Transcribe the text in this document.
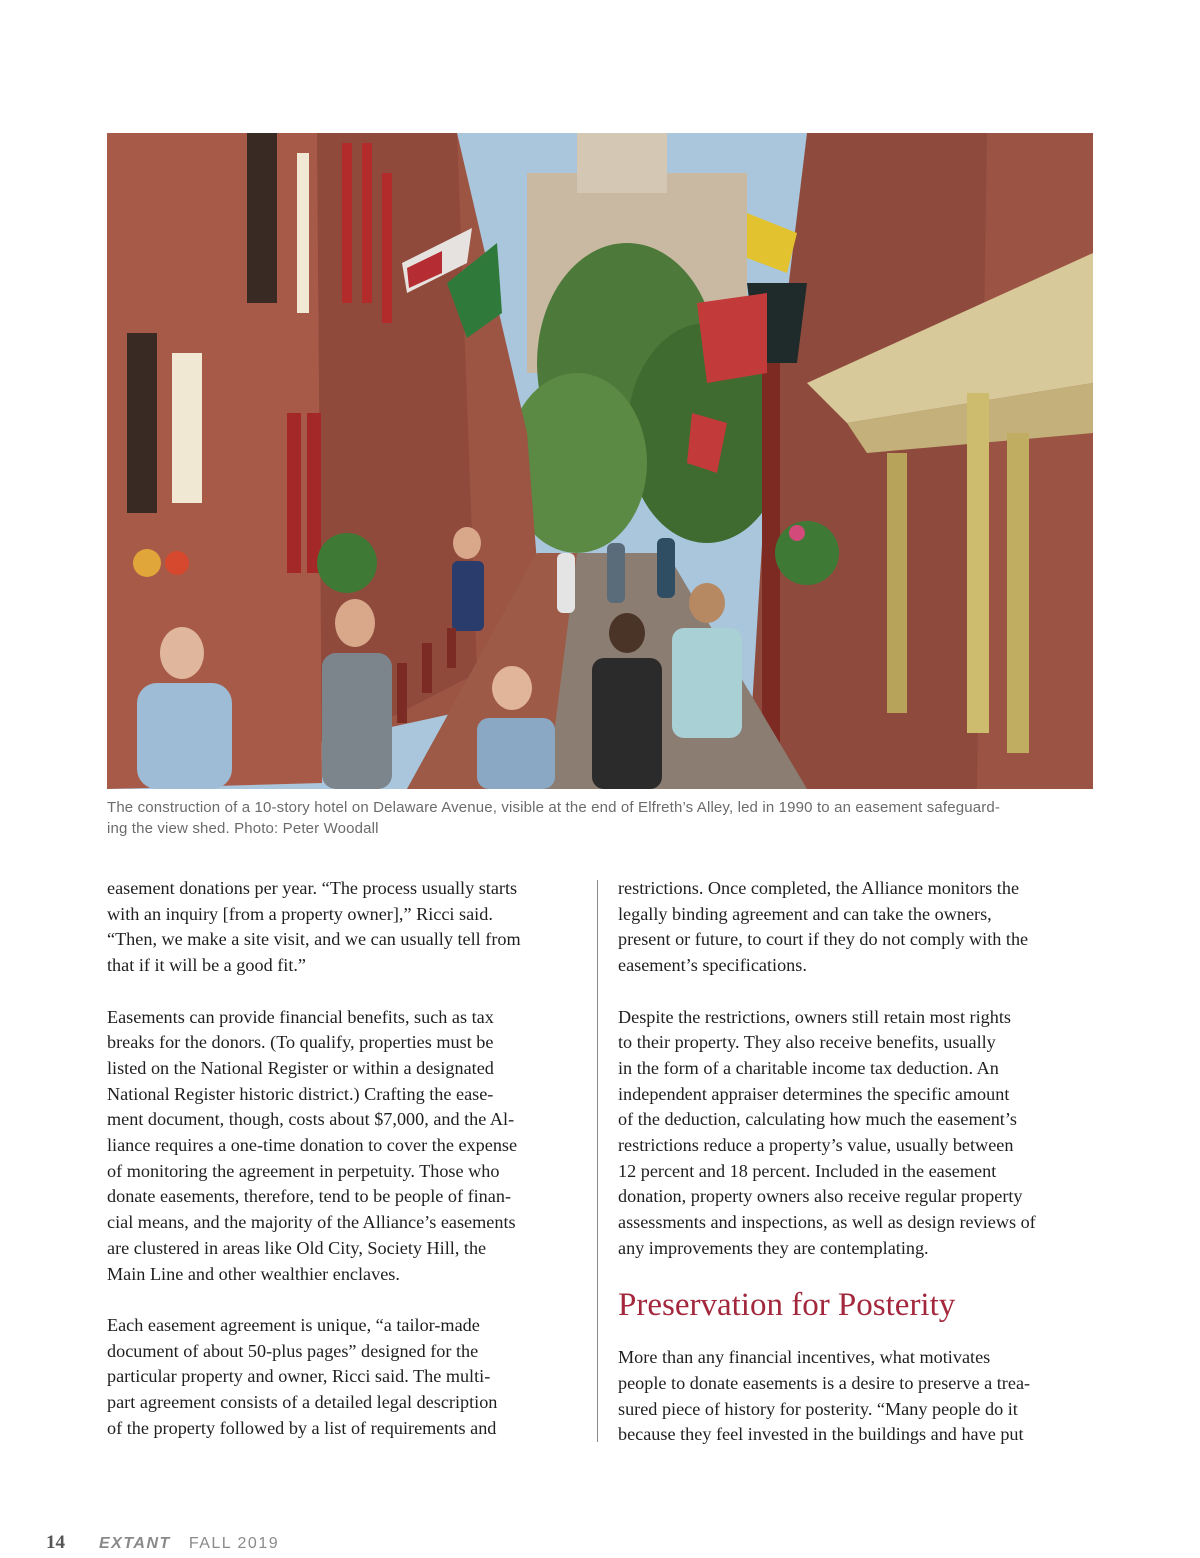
The construction of a 10-story hotel on Delaware Avenue, visible at the end of Elfreth’s Alley, led in 1990 to an easement safeguard-
ing the view shed. Photo: Peter Woodall

easement donations per year. “The process usually starts
with an inquiry [from a property owner],” Ricci said.
“Then, we make a site visit, and we can usually tell from
that if it will be a good fit.”

Easements can provide financial benefits, such as tax
breaks for the donors. (To qualify, properties must be
listed on the National Register or within a designated
National Register historic district.) Crafting the ease-
ment document, though, costs about $7,000, and the Al-
liance requires a one-time donation to cover the expense
of monitoring the agreement in perpetuity. Those who
donate easements, therefore, tend to be people of finan-
cial means, and the majority of the Alliance’s easements
are clustered in areas like Old City, Society Hill, the
Main Line and other wealthier enclaves.

Each easement agreement is unique, “a tailor-made
document of about 50-plus pages” designed for the
particular property and owner, Ricci said. The multi-
part agreement consists of a detailed legal description
of the property followed by a list of requirements and

restrictions. Once completed, the Alliance monitors the
legally binding agreement and can take the owners,
present or future, to court if they do not comply with the
easement’s specifications.

Despite the restrictions, owners still retain most rights
to their property. They also receive benefits, usually
in the form of a charitable income tax deduction. An
independent appraiser determines the specific amount
of the deduction, calculating how much the easement’s
restrictions reduce a property’s value, usually between
12 percent and 18 percent. Included in the easement
donation, property owners also receive regular property
assessments and inspections, as well as design reviews of
any improvements they are contemplating.

Preservation for Posterity

More than any financial incentives, what motivates
people to donate easements is a desire to preserve a trea-
sured piece of history for posterity. “Many people do it
because they feel invested in the buildings and have put

14 EXTANT FALL 2019
